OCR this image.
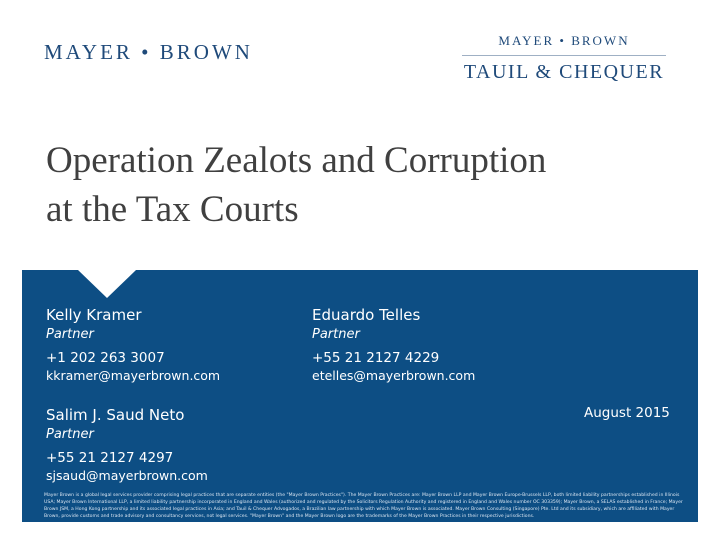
MAYER • BROWN	MAYER • BROWN
TAUIL & CHEQUER
Operation Zealots and Corruption
at the Tax Courts
Kelly Kramer
Partner
+1 202 263 3007
kkramer@mayerbrown.com
Eduardo Telles
Partner
+55 21 2127 4229
etelles@mayerbrown.com
Salim J. Saud Neto
Partner
+55 21 2127 4297
sjsaud@mayerbrown.com
August 2015
Mayer Brown is a global legal services provider comprising legal practices that are separate entities (the "Mayer Brown Practices"). The Mayer Brown Practices are: Mayer Brown LLP and Mayer Brown Europe-Brussels LLP, both limited liability partnerships established in Illinois USA; Mayer Brown International LLP, a limited liability partnership incorporated in England and Wales (authorized and regulated by the Solicitors Regulation Authority and registered in England and Wales number OC 303359); Mayer Brown, a SELAS established in France; Mayer Brown JSM, a Hong Kong partnership and its associated legal practices in Asia; and Tauil & Chequer Advogados, a Brazilian law partnership with which Mayer Brown is associated. Mayer Brown Consulting (Singapore) Pte. Ltd and its subsidiary, which are affiliated with Mayer Brown, provide customs and trade advisory and consultancy services, not legal services. "Mayer Brown" and the Mayer Brown logo are the trademarks of the Mayer Brown Practices in their respective jurisdictions.
